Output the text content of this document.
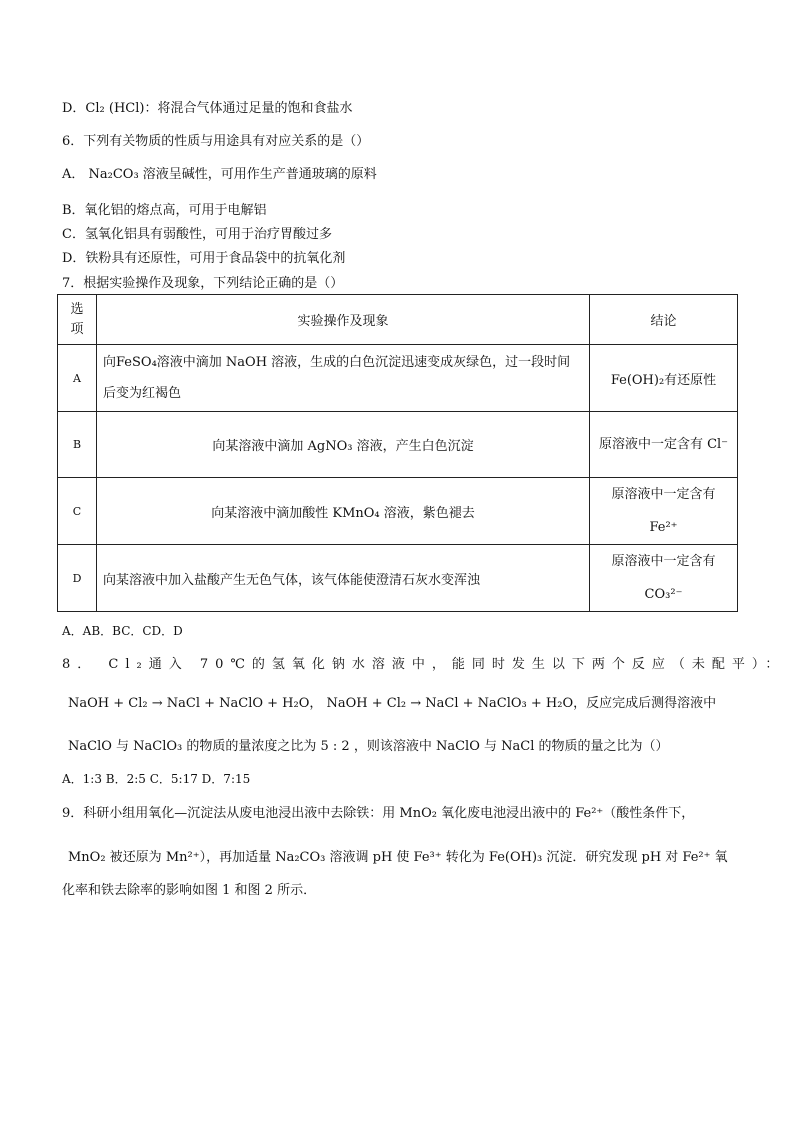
D．Cl₂ (HCl)：将混合气体通过足量的饱和食盐水
6．下列有关物质的性质与用途具有对应关系的是（）
A． Na₂CO₃ 溶液呈碱性，可用作生产普通玻璃的原料
B．氧化铝的熔点高，可用于电解铝
C．氢氧化铝具有弱酸性，可用于治疗胃酸过多
D．铁粉具有还原性，可用于食品袋中的抗氧化剂
7．根据实验操作及现象，下列结论正确的是（）
选项	实验操作及现象	结论
A	向FeSO₄溶液中滴加 NaOH 溶液，生成的白色沉淀迅速变成灰绿色，过一段时间后变为红褐色	Fe(OH)₂有还原性
B	向某溶液中滴加 AgNO₃ 溶液，产生白色沉淀	原溶液中一定含有 Cl⁻
C	向某溶液中滴加酸性 KMnO₄ 溶液，紫色褪去	原溶液中一定含有 Fe²⁺
D	向某溶液中加入盐酸产生无色气体，该气体能使澄清石灰水变浑浊	原溶液中一定含有 CO₃²⁻
A．AB．BC．CD．D
8． Cl₂通入 70℃的氢氧化钠水溶液中，能同时发生以下两个反应（未配平）：
NaOH + Cl₂ → NaCl + NaClO + H₂O， NaOH + Cl₂ → NaCl + NaClO₃ + H₂O，反应完成后测得溶液中
NaClO 与 NaClO₃ 的物质的量浓度之比为 5 : 2 ，则该溶液中 NaClO 与 NaCl 的物质的量之比为（）
A．1:3 B．2:5 C．5:17 D．7:15
9．科研小组用氧化—沉淀法从废电池浸出液中去除铁：用 MnO₂ 氧化废电池浸出液中的 Fe²⁺（酸性条件下，
MnO₂ 被还原为 Mn²⁺），再加适量 Na₂CO₃ 溶液调 pH 使 Fe³⁺ 转化为 Fe(OH)₃ 沉淀．研究发现 pH 对 Fe²⁺ 氧
化率和铁去除率的影响如图 1 和图 2 所示．
